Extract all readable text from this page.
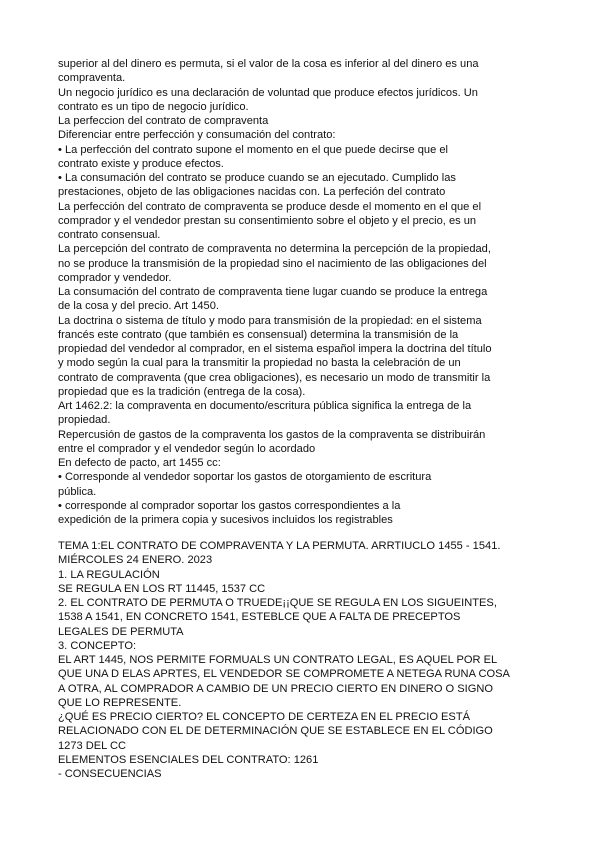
superior al del dinero es permuta, si el valor de la cosa es inferior al del dinero es una
compraventa.
Un negocio jurídico es una declaración de voluntad que produce efectos jurídicos. Un
contrato es un tipo de negocio jurídico.
La perfeccion del contrato de compraventa
Diferenciar entre perfección y consumación del contrato:
• La perfección del contrato supone el momento en el que puede decirse que el
contrato existe y produce efectos.
• La consumación del contrato se produce cuando se an ejecutado. Cumplido las
prestaciones, objeto de las obligaciones nacidas con. La perfeción del contrato
La perfección del contrato de compraventa se produce desde el momento en el que el
comprador y el vendedor prestan su consentimiento sobre el objeto y el precio, es un
contrato consensual.
La percepción del contrato de compraventa no determina la percepción de la propiedad,
no se produce la transmisión de la propiedad sino el nacimiento de las obligaciones del
comprador y vendedor.
La consumación del contrato de compraventa tiene lugar cuando se produce la entrega
de la cosa y del precio. Art 1450.
La doctrina o sistema de título y modo para transmisión de la propiedad: en el sistema
francés este contrato (que también es consensual) determina la transmisión de la
propiedad del vendedor al comprador, en el sistema español impera la doctrina del título
y modo según la cual para la transmitir la propiedad no basta la celebración de un
contrato de compraventa (que crea obligaciones), es necesario un modo de transmitir la
propiedad que es la tradición (entrega de la cosa).
Art 1462.2: la compraventa en documento/escritura pública significa la entrega de la
propiedad.
Repercusión de gastos de la compraventa los gastos de la compraventa se distribuirán
entre el comprador y el vendedor según lo acordado
En defecto de pacto, art 1455 cc:
• Corresponde al vendedor soportar los gastos de otorgamiento de escritura
pública.
• corresponde al comprador soportar los gastos correspondientes a la
expedición de la primera copia y sucesivos incluidos los registrables
TEMA 1:EL CONTRATO DE COMPRAVENTA Y LA PERMUTA. ARRTIUCLO 1455 - 1541.
MIÉRCOLES 24 ENERO. 2023
1. LA REGULACIÓN
SE REGULA EN LOS RT 11445, 1537 CC
2. EL CONTRATO DE PERMUTA O TRUEDE¡¡QUE SE REGULA EN LOS SIGUEINTES,
1538 A 1541, EN CONCRETO 1541, ESTEBLCE QUE A FALTA DE PRECEPTOS
LEGALES DE PERMUTA
3. CONCEPTO:
EL ART 1445, NOS PERMITE FORMUALS UN CONTRATO LEGAL, ES AQUEL POR EL
QUE UNA D ELAS APRTES, EL VENDEDOR SE COMPROMETE A NETEGA RUNA COSA
A OTRA, AL COMPRADOR A CAMBIO DE UN PRECIO CIERTO EN DINERO O SIGNO
QUE LO REPRESENTE.
¿QUÉ ES PRECIO CIERTO? EL CONCEPTO DE CERTEZA EN EL PRECIO ESTÁ
RELACIONADO CON EL DE DETERMINACIÓN QUE SE ESTABLECE EN EL CÓDIGO
1273 DEL CC
ELEMENTOS ESENCIALES DEL CONTRATO: 1261
- CONSECUENCIAS
